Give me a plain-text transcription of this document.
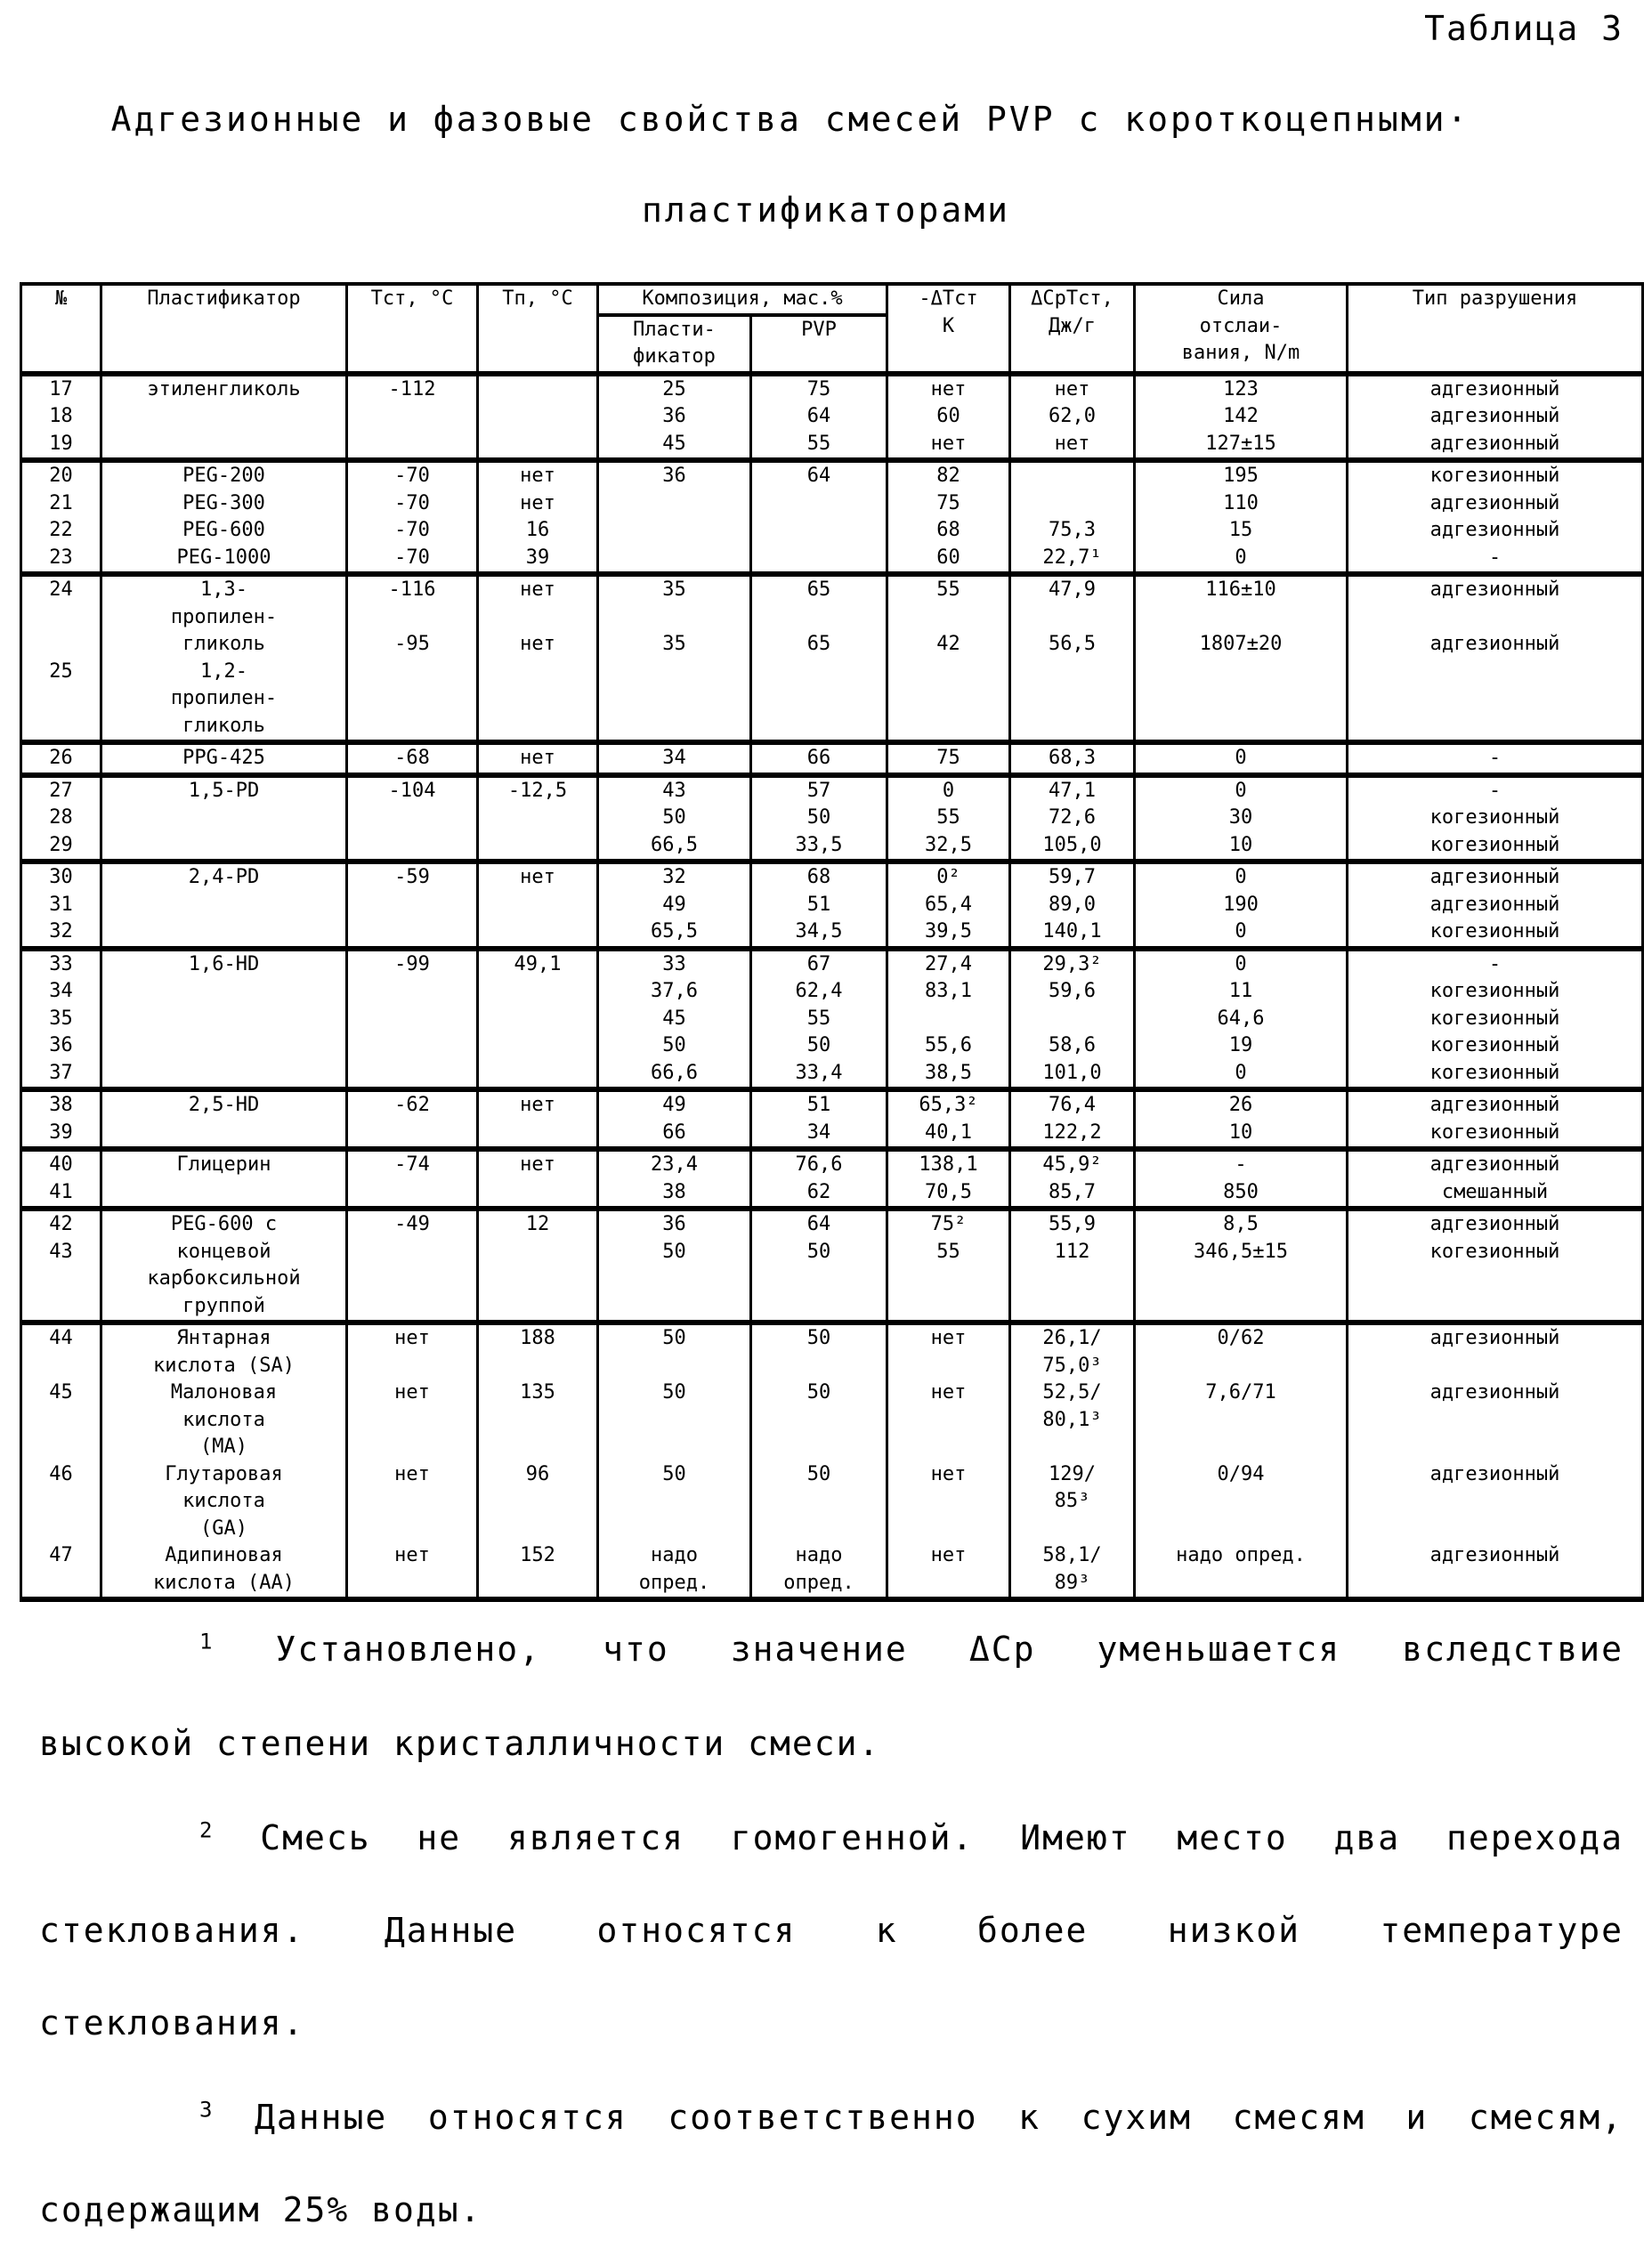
Таблица 3
Адгезионные и фазовые свойства смесей PVP с короткоцепными·
пластификаторами
№	Пластификатор	Tст, °C	Tп, °C	Композиция, мас.%	-ΔTст
К	ΔCpTст,
Дж/г	Сила
отслаи-
вания, N/m	Тип разрушения
Пласти-
фикатор	PVP
17
18
19	этиленгликоль	-112		25
36
45	75
64
55	нет
60
нет	нет
62,0
нет	123
142
127±15	адгезионный
адгезионный
адгезионный
20
21
22
23	PEG-200
PEG-300
PEG-600
PEG-1000	-70
-70
-70
-70	нет
нет
16
39	36	64	82
75
68
60	

75,3
22,7¹	195
110
15
0	когезионный
адгезионный
адгезионный
-
24

25	1,3-
пропилен-
гликоль
1,2-
пропилен-
гликоль	-116

-95	нет

нет	35

35	65

65	55

42	47,9

56,5	116±10

1807±20	адгезионный

адгезионный
26	PPG-425	-68	нет	34	66	75	68,3	0	-
27
28
29	1,5-PD	-104	-12,5	43
50
66,5	57
50
33,5	0
55
32,5	47,1
72,6
105,0	0
30
10	-
когезионный
когезионный
30
31
32	2,4-PD	-59	нет	32
49
65,5	68
51
34,5	0²
65,4
39,5	59,7
89,0
140,1	0
190
0	адгезионный
адгезионный
когезионный
33
34
35
36
37	1,6-HD	-99	49,1	33
37,6
45
50
66,6	67
62,4
55
50
33,4	27,4
83,1

55,6
38,5	29,3²
59,6

58,6
101,0	0
11
64,6
19
0	-
когезионный
когезионный
когезионный
когезионный
38
39	2,5-HD	-62	нет	49
66	51
34	65,3²
40,1	76,4
122,2	26
10	адгезионный
когезионный
40
41	Глицерин	-74	нет	23,4
38	76,6
62	138,1
70,5	45,9²
85,7	-
850	адгезионный
смешанный
42
43	PEG-600 с
концевой
карбоксильной
группой	-49	12	36
50	64
50	75²
55	55,9
112	8,5
346,5±15	адгезионный
когезионный
44

45

46

47	Янтарная
кислота (SA)
Малоновая
кислота
(MA)
Глутаровая
кислота
(GA)
Адипиновая
кислота (AA)	нет

нет

нет

нет	188

135

96

152	50

50

50

надо
опред.	50

50

50

надо
опред.	нет

нет

нет

нет	26,1/
75,0³
52,5/
80,1³

129/
85³

58,1/
89³	0/62

7,6/71

0/94

надо опред.	адгезионный

адгезионный

адгезионный

адгезионный
1 Установлено, что значение ΔCp уменьшается вследствие
высокой степени кристалличности смеси.
2 Смесь не является гомогенной. Имеют место два перехода
стеклования. Данные относятся к более низкой температуре
стеклования.
3 Данные относятся соответственно к сухим смесям и смесям,
содержащим 25% воды.
